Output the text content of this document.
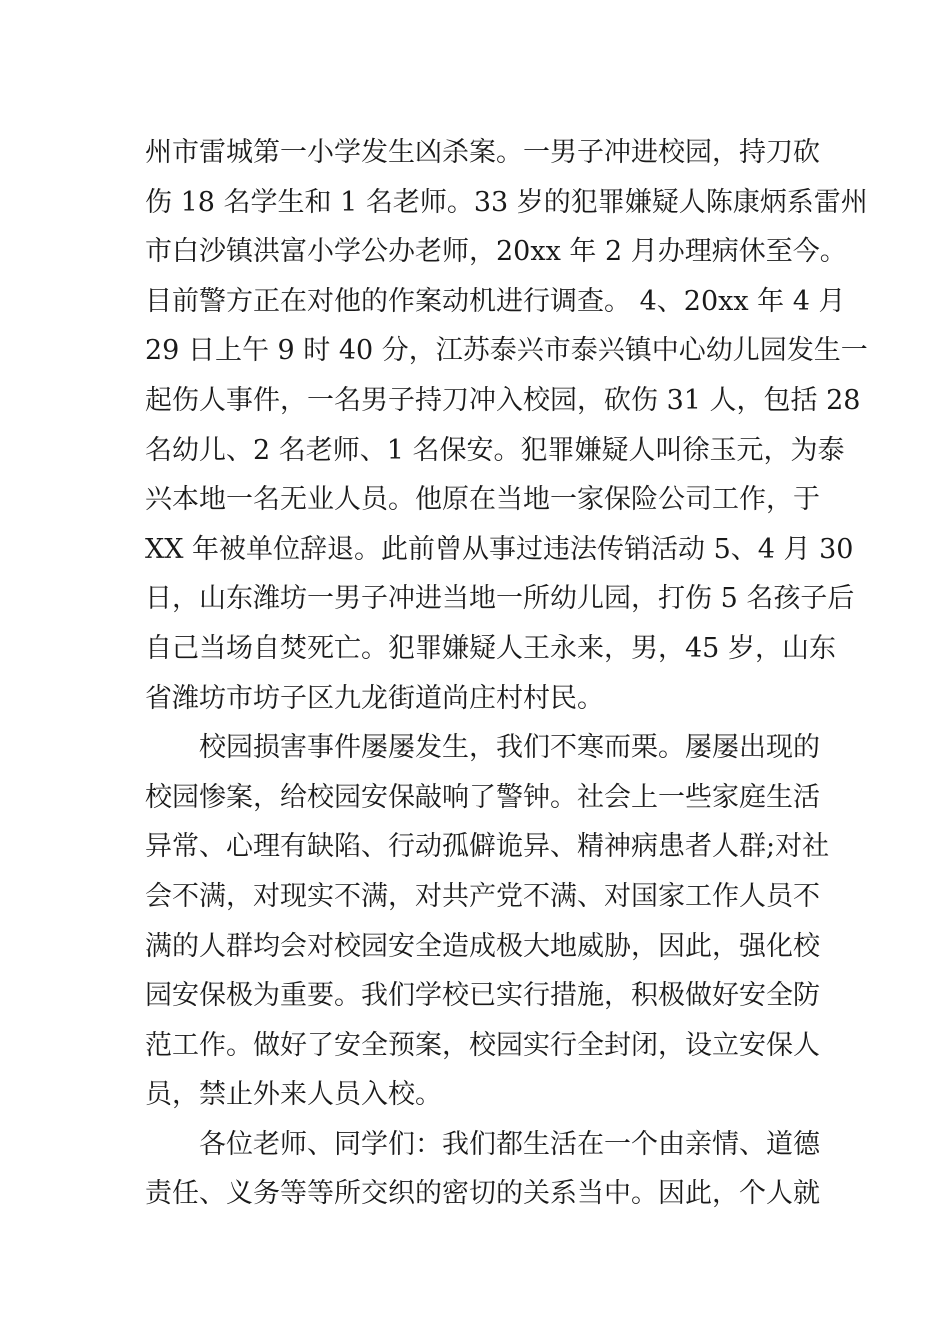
州市雷城第一小学发生凶杀案。一男子冲进校园，持刀砍
伤 18 名学生和 1 名老师。33 岁的犯罪嫌疑人陈康炳系雷州
市白沙镇洪富小学公办老师，20xx 年 2 月办理病休至今。
目前警方正在对他的作案动机进行调查。 4、20xx 年 4 月
29 日上午 9 时 40 分，江苏泰兴市泰兴镇中心幼儿园发生一
起伤人事件，一名男子持刀冲入校园，砍伤 31 人，包括 28
名幼儿、2 名老师、1 名保安。犯罪嫌疑人叫徐玉元，为泰
兴本地一名无业人员。他原在当地一家保险公司工作，于
XX 年被单位辞退。此前曾从事过违法传销活动 5、4 月 30
日，山东潍坊一男子冲进当地一所幼儿园，打伤 5 名孩子后
自己当场自焚死亡。犯罪嫌疑人王永来，男，45 岁，山东
省潍坊市坊子区九龙街道尚庄村村民。
　　校园损害事件屡屡发生，我们不寒而栗。屡屡出现的
校园惨案，给校园安保敲响了警钟。社会上一些家庭生活
异常、心理有缺陷、行动孤僻诡异、精神病患者人群;对社
会不满，对现实不满，对共产党不满、对国家工作人员不
满的人群均会对校园安全造成极大地威胁，因此，强化校
园安保极为重要。我们学校已实行措施，积极做好安全防
范工作。做好了安全预案，校园实行全封闭，设立安保人
员，禁止外来人员入校。
　　各位老师、同学们：我们都生活在一个由亲情、道德
责任、义务等等所交织的密切的关系当中。因此，个人就
